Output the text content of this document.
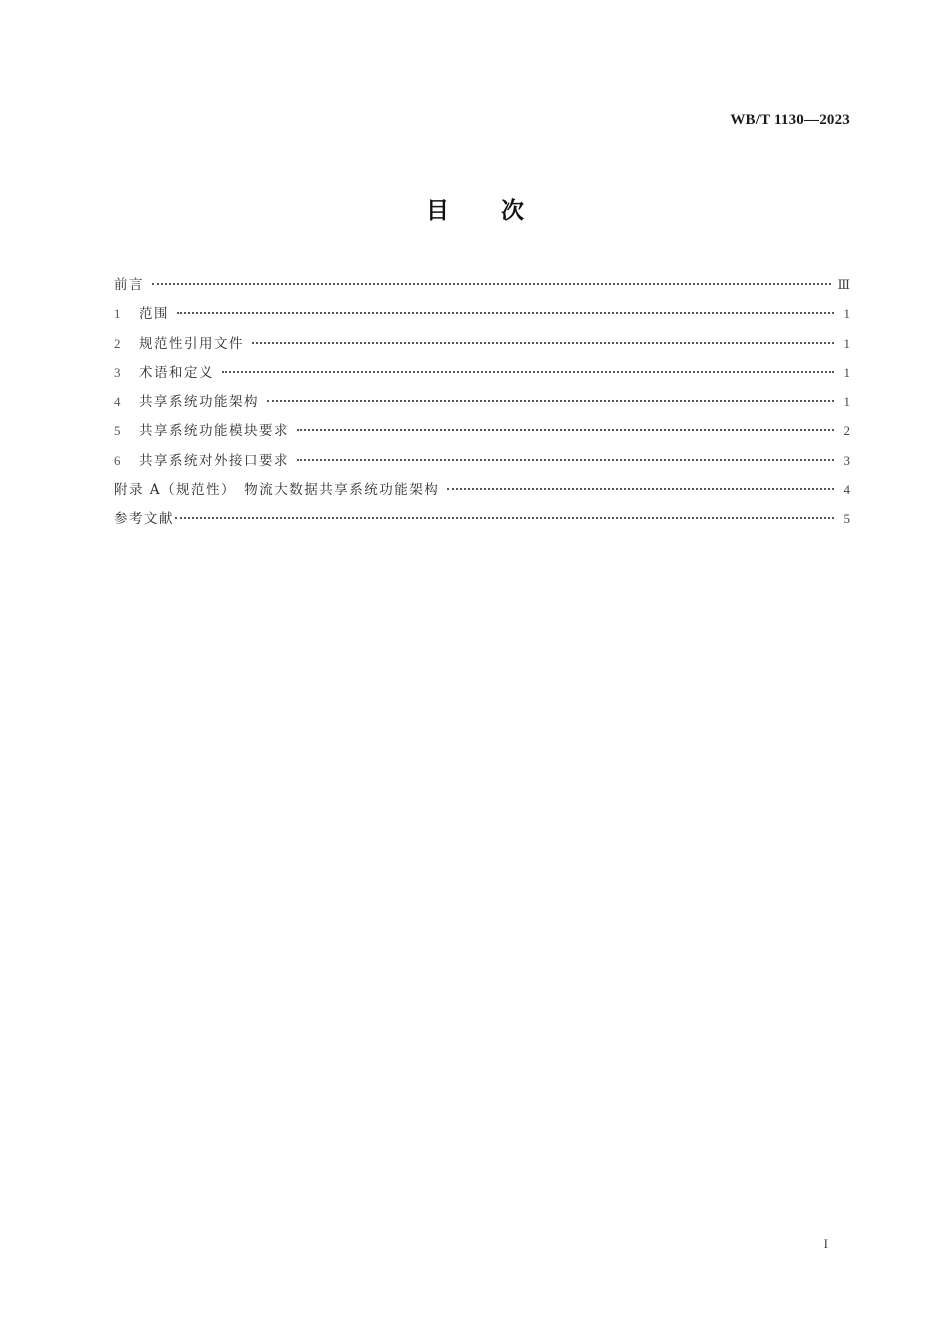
WB/T 1130—2023
目次
前言	Ⅲ
1	范围	1
2	规范性引用文件	1
3	术语和定义	1
4	共享系统功能架构	1
5	共享系统功能模块要求	2
6	共享系统对外接口要求	3
附录 A（规范性）　物流大数据共享系统功能架构	4
参考文献	5
I
